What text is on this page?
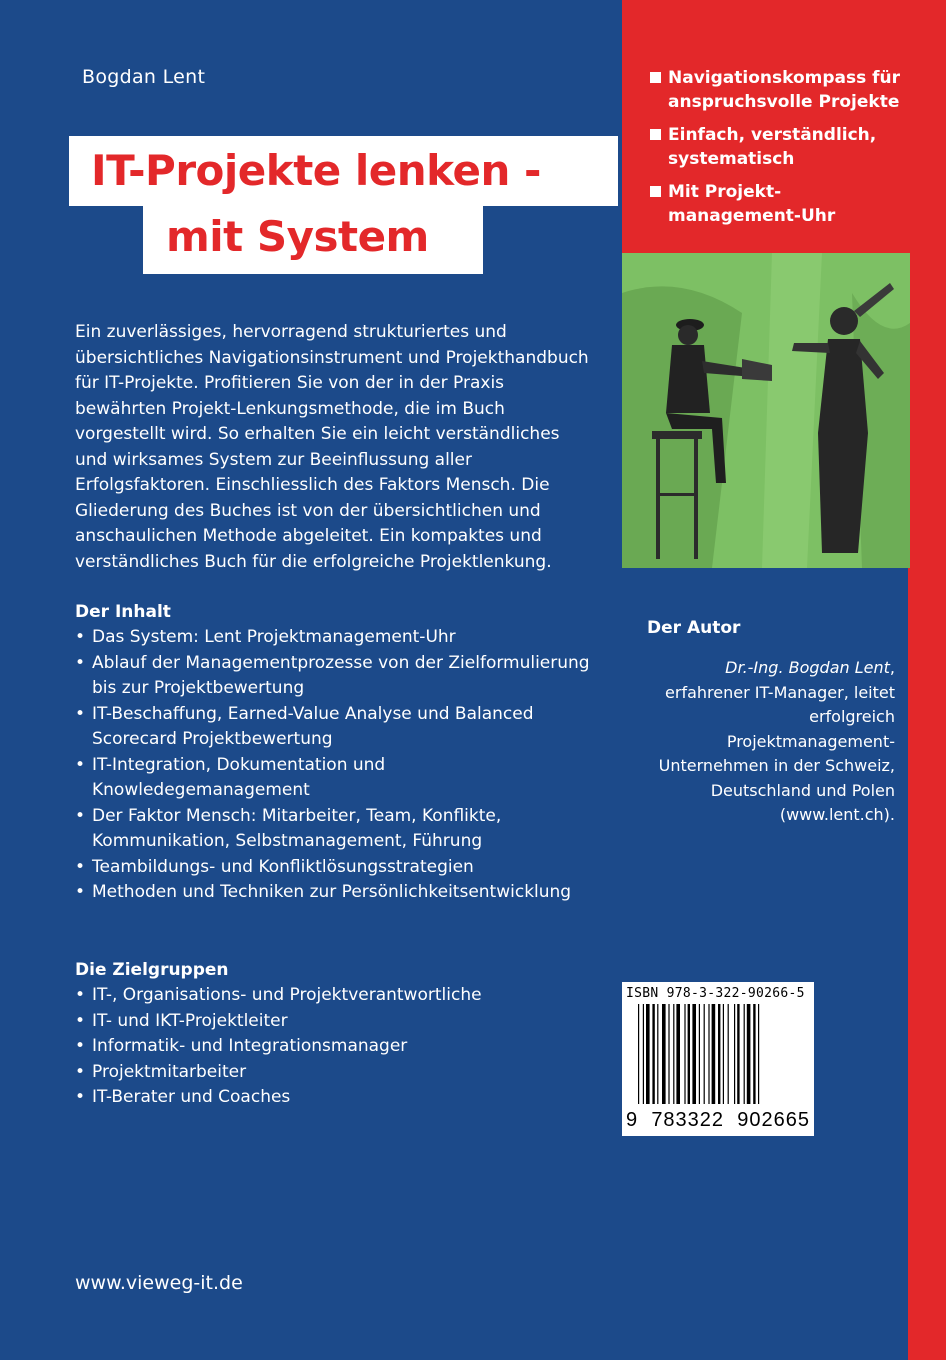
Navigationskompass für anspruchsvolle Projekte
Einfach, verständlich, systematisch
Mit Projekt-management-Uhr
Bogdan Lent
IT-Projekte lenken -
mit System

Ein zuverlässiges, hervorragend strukturiertes und übersichtliches Navigationsinstrument und Projekthandbuch für IT-Projekte. Profitieren Sie von der in der Praxis bewährten Projekt-Lenkungsmethode, die im Buch vorgestellt wird. So erhalten Sie ein leicht verständliches und wirksames System zur Beeinflussung aller Erfolgsfaktoren. Einschliesslich des Faktors Mensch. Die Gliederung des Buches ist von der übersichtlichen und anschaulichen Methode abgeleitet. Ein kompaktes und verständliches Buch für die erfolgreiche Projektlenkung.

Der Inhalt
• Das System: Lent Projektmanagement-Uhr
• Ablauf der Managementprozesse von der Zielformulierung bis zur Projektbewertung
• IT-Beschaffung, Earned-Value Analyse und Balanced Scorecard Projektbewertung
• IT-Integration, Dokumentation und Knowledegemanagement
• Der Faktor Mensch: Mitarbeiter, Team, Konflikte, Kommunikation, Selbstmanagement, Führung
• Teambildungs- und Konfliktlösungsstrategien
• Methoden und Techniken zur Persönlichkeitsentwicklung
Die Zielgruppen
• IT-, Organisations- und Projektverantwortliche
• IT- und IKT-Projektleiter
• Informatik- und Integrationsmanager
• Projektmitarbeiter
• IT-Berater und Coaches
Der Autor
Dr.-Ing. Bogdan Lent, erfahrener IT-Manager, leitet erfolgreich Projektmanagement-Unternehmen in der Schweiz, Deutschland und Polen (www.lent.ch).
ISBN 978-3-322-90266-5
9 783322 902665
www.vieweg-it.de
